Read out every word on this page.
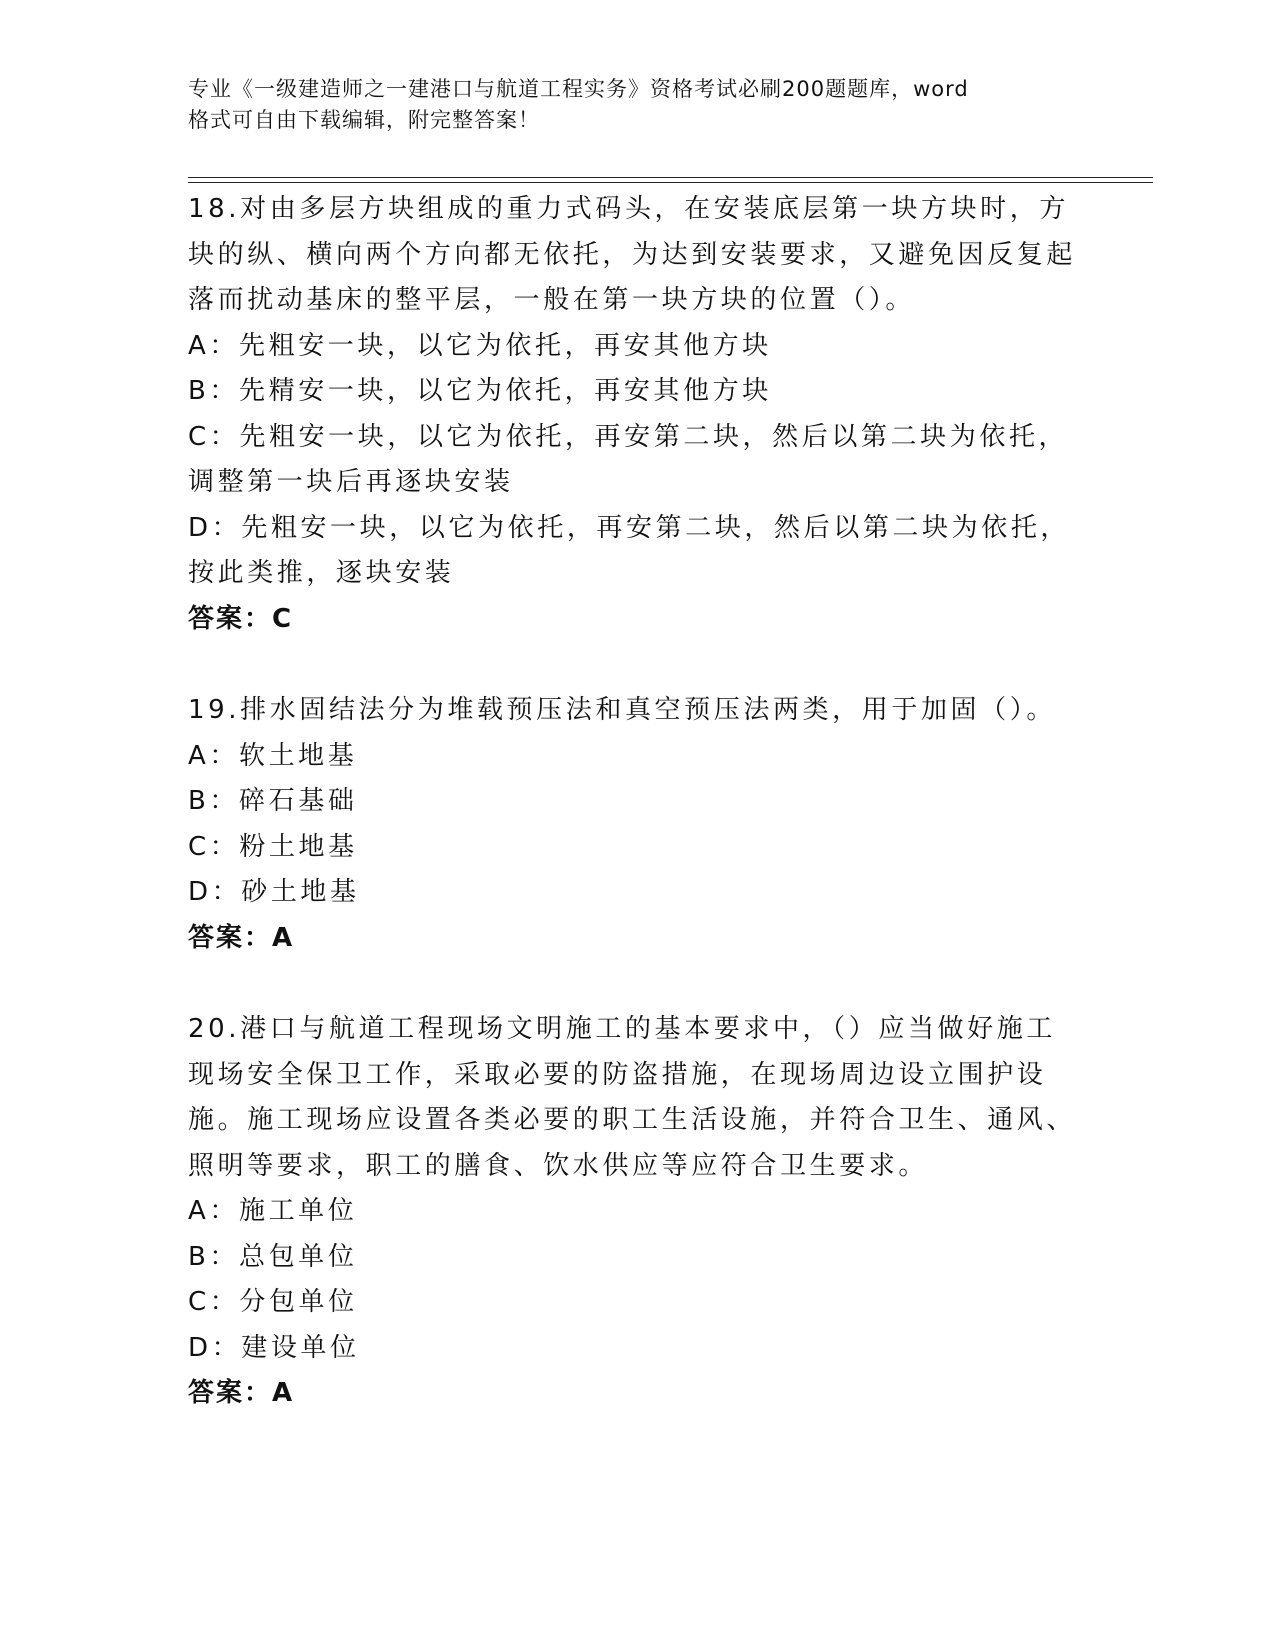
专业《一级建造师之一建港口与航道工程实务》资格考试必刷200题题库，word
格式可自由下载编辑，附完整答案！
18.对由多层方块组成的重力式码头，在安装底层第一块方块时，方块的纵、横向两个方向都无依托，为达到安装要求，又避免因反复起落而扰动基床的整平层，一般在第一块方块的位置（）。
A：先粗安一块，以它为依托，再安其他方块
B：先精安一块，以它为依托，再安其他方块
C：先粗安一块，以它为依托，再安第二块，然后以第二块为依托，调整第一块后再逐块安装
D：先粗安一块，以它为依托，再安第二块，然后以第二块为依托，按此类推，逐块安装
答案：C
19.排水固结法分为堆载预压法和真空预压法两类，用于加固（）。
A：软土地基
B：碎石基础
C：粉土地基
D：砂土地基
答案：A
20.港口与航道工程现场文明施工的基本要求中，（）应当做好施工现场安全保卫工作，采取必要的防盗措施，在现场周边设立围护设施。施工现场应设置各类必要的职工生活设施，并符合卫生、通风、照明等要求，职工的膳食、饮水供应等应符合卫生要求。
A：施工单位
B：总包单位
C：分包单位
D：建设单位
答案：A
